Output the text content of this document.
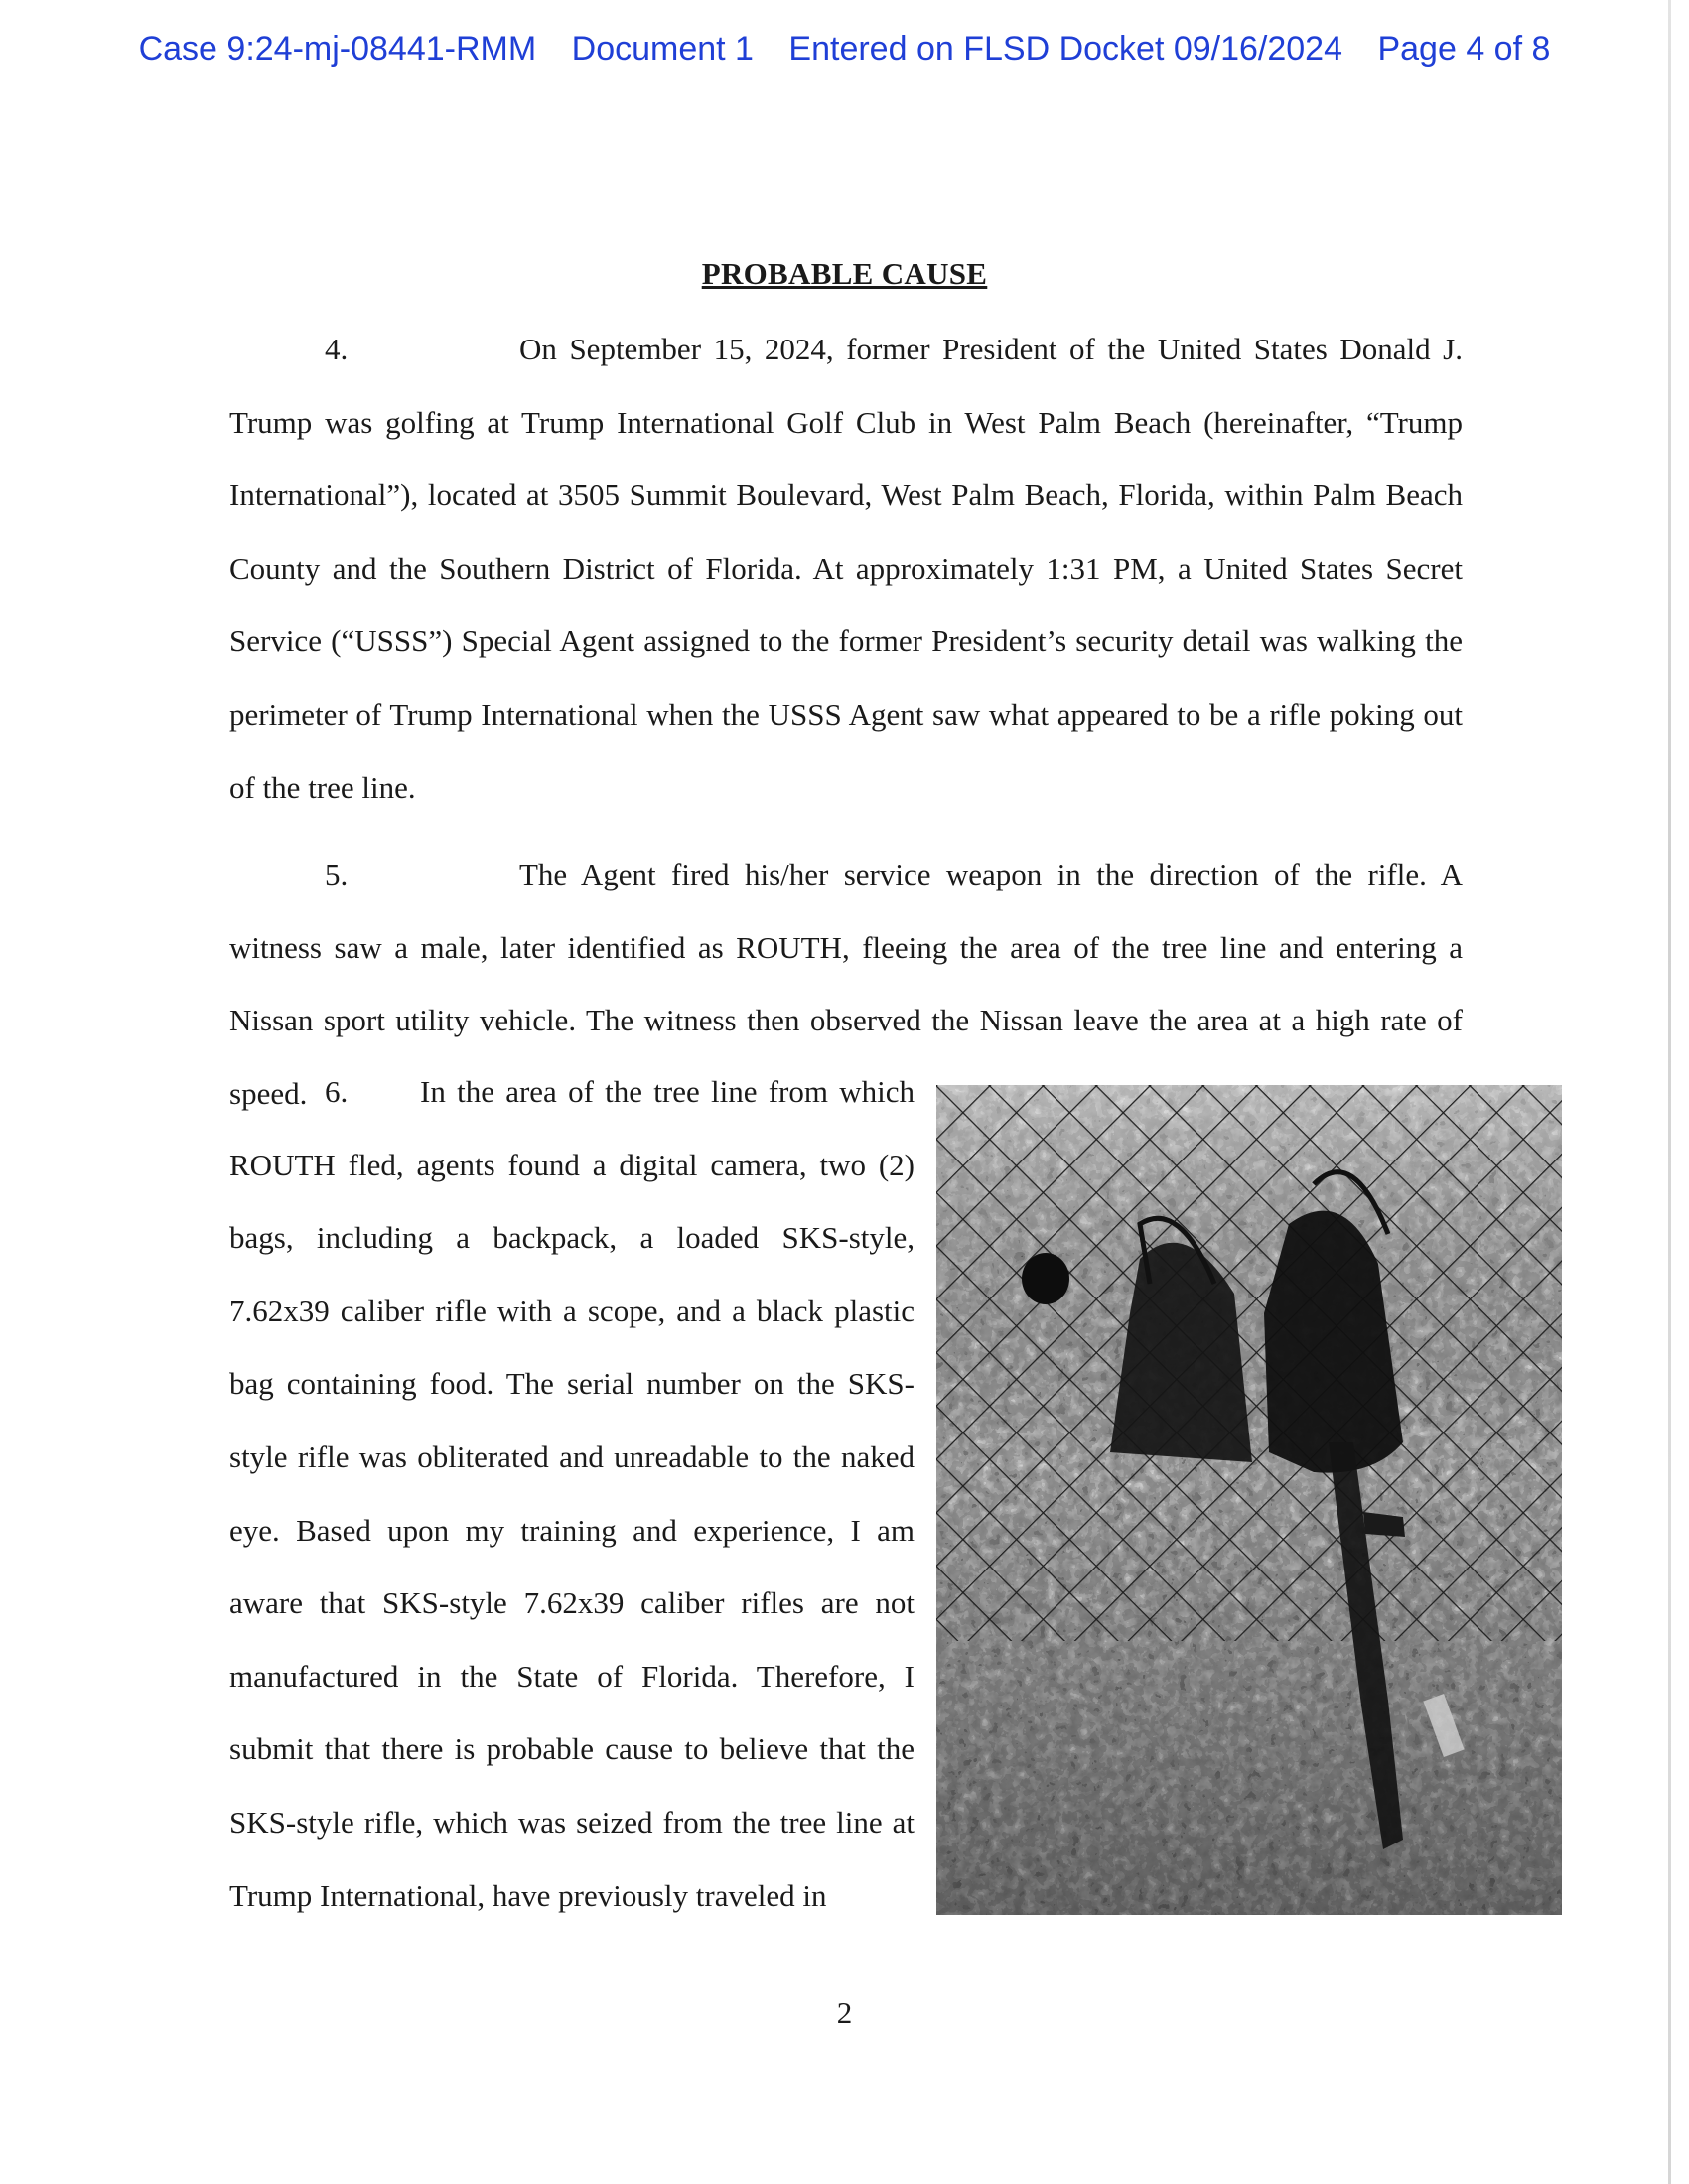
Case 9:24-mj-08441-RMM Document 1 Entered on FLSD Docket 09/16/2024 Page 4 of 8
PROBABLE CAUSE

4.	On September 15, 2024, former President of the United States Donald J. Trump was golfing at Trump International Golf Club in West Palm Beach (hereinafter, “Trump International”), located at 3505 Summit Boulevard, West Palm Beach, Florida, within Palm Beach County and the Southern District of Florida. At approximately 1:31 PM, a United States Secret Service (“USSS”) Special Agent assigned to the former President’s security detail was walking the perimeter of Trump International when the USSS Agent saw what appeared to be a rifle poking out of the tree line.

5.	The Agent fired his/her service weapon in the direction of the rifle. A witness saw a male, later identified as ROUTH, fleeing the area of the tree line and entering a Nissan sport utility vehicle. The witness then observed the Nissan leave the area at a high rate of speed. 6. In the area of the tree line from which ROUTH fled, agents found a digital camera, two (2) bags, including a backpack, a loaded SKS-style, 7.62x39 caliber rifle with a scope, and a black plastic bag containing food. The serial number on the SKS-style rifle was obliterated and unreadable to the naked eye. Based upon my training and experience, I am aware that SKS-style 7.62x39 caliber rifles are not manufactured in the State of Florida. Therefore, I submit that there is probable cause to believe that the SKS-style rifle, which was seized from the tree line at Trump International, have previously traveled in

2
